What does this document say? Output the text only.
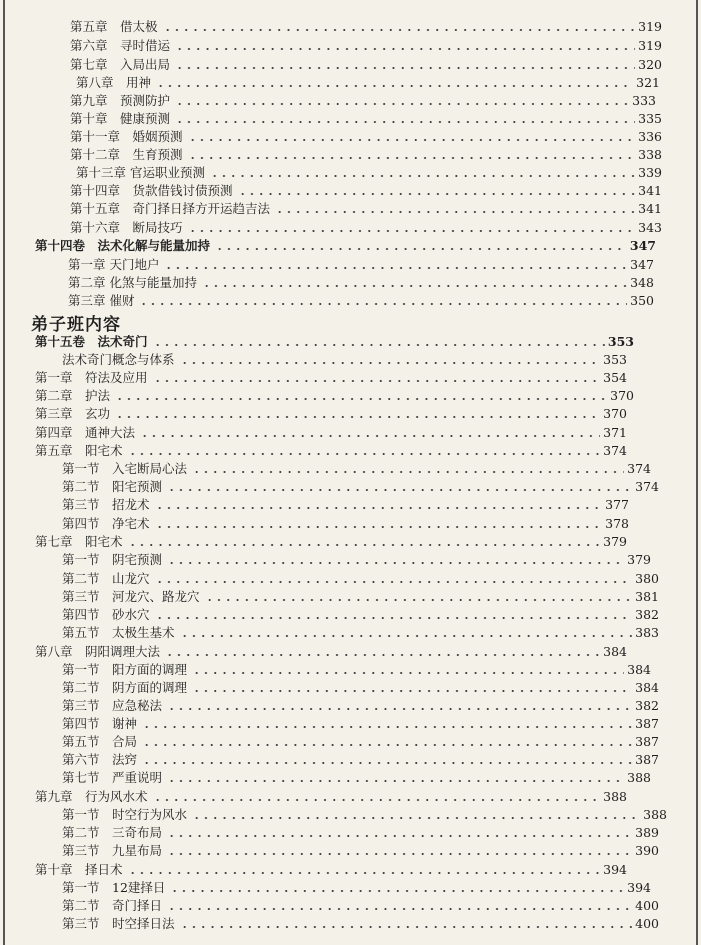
弟子班内容
第五章　借太极	319
第六章　寻时借运	319
第七章　入局出局	320
第八章　用神	321
第九章　预测防护	333
第十章　健康预测	335
第十一章　婚姻预测	336
第十二章　生育预测	338
第十三章 官运职业预测	339
第十四章　货款借钱讨债预测	341
第十五章　奇门择日择方开运趋吉法	341
第十六章　断局技巧	343
第十四卷　法术化解与能量加持	347
第一章 天门地户	347
第二章 化煞与能量加持	348
第三章 催财	350
第十五卷　法术奇门	353
法术奇门概念与体系	353
第一章　符法及应用	354
第二章　护法	370
第三章　玄功	370
第四章　通神大法	371
第五章　阳宅术	374
第一节　入宅断局心法	374
第二节　阳宅预测	374
第三节　招龙术	377
第四节　净宅术	378
第七章　阳宅术	379
第一节　阴宅预测	379
第二节　山龙穴	380
第三节　河龙穴、路龙穴	381
第四节　砂水穴	382
第五节　太极生基术	383
第八章　阴阳调理大法	384
第一节　阳方面的调理	384
第二节　阴方面的调理	384
第三节　应急秘法	382
第四节　谢神	387
第五节　合局	387
第六节　法窍	387
第七节　严重说明	388
第九章　行为风水术	388
第一节　时空行为风水	388
第二节　三奇布局	389
第三节　九星布局	390
第十章　择日术	394
第一节　12建择日	394
第二节　奇门择日	400
第三节　时空择日法	400
